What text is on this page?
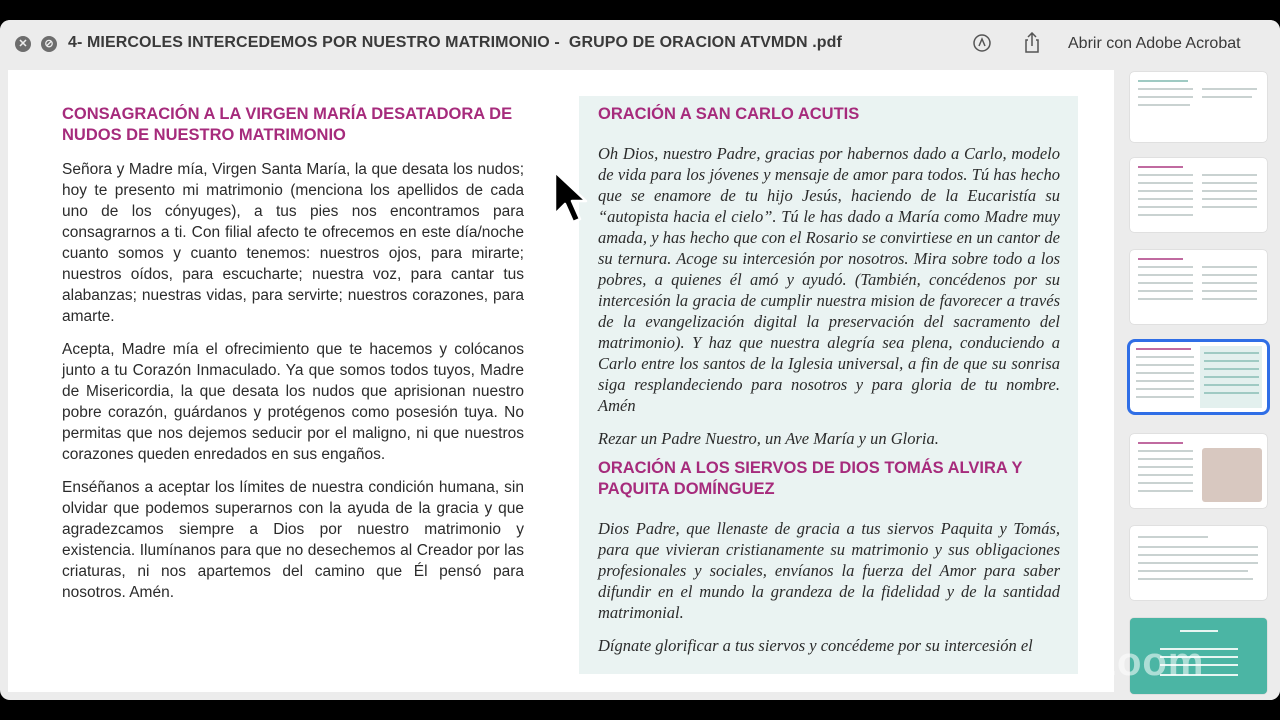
✕	⊘ 4- MIERCOLES INTERCEDEMOS POR NUESTRO MATRIMONIO -  GRUPO DE ORACION ATVMDN .pdf	Abrir con Adobe Acrobat
CONSAGRACIÓN A LA VIRGEN MARÍA DESATADORA DE NUDOS DE NUESTRO MATRIMONIO
Señora y Madre mía, Virgen Santa María, la que desata los nudos; hoy te presento mi matrimonio (menciona los apellidos de cada uno de los cónyuges), a tus pies nos encontramos para consagrarnos a ti. Con filial afecto te ofrecemos en este día/noche cuanto somos y cuanto tenemos: nuestros ojos, para mirarte; nuestros oídos, para escucharte; nuestra voz, para cantar tus alabanzas; nuestras vidas, para servirte; nuestros corazones, para amarte.
Acepta, Madre mía el ofrecimiento que te hacemos y colócanos junto a tu Corazón Inmaculado. Ya que somos todos tuyos, Madre de Misericordia, la que desata los nudos que aprisionan nuestro pobre corazón, guárdanos y protégenos como posesión tuya. No permitas que nos dejemos seducir por el maligno, ni que nuestros corazones queden enredados en sus engaños.
Enséñanos a aceptar los límites de nuestra condición humana, sin olvidar que podemos superarnos con la ayuda de la gracia y que agradezcamos siempre a Dios por nuestro matrimonio y existencia. Ilumínanos para que no desechemos al Creador por las criaturas, ni nos apartemos del camino que Él pensó para nosotros. Amén.
ORACIÓN A SAN CARLO ACUTIS
Oh Dios, nuestro Padre, gracias por habernos dado a Carlo, modelo de vida para los jóvenes y mensaje de amor para todos. Tú has hecho que se enamore de tu hijo Jesús, haciendo de la Eucaristía su “autopista hacia el cielo”. Tú le has dado a María como Madre muy amada, y has hecho que con el Rosario se convirtiese en un cantor de su ternura. Acoge su intercesión por nosotros. Mira sobre todo a los pobres, a quienes él amó y ayudó. (También, concédenos por su intercesión la gracia de cumplir nuestra mision de favorecer a través de la evangelización digital la preservación del sacramento del matrimonio). Y haz que nuestra alegría sea plena, conduciendo a Carlo entre los santos de la Iglesia universal, a fin de que su sonrisa siga resplandeciendo para nosotros y para gloria de tu nombre. Amén
Rezar un Padre Nuestro, un Ave María y un Gloria.
ORACIÓN A LOS SIERVOS DE DIOS TOMÁS ALVIRA Y PAQUITA DOMÍNGUEZ
Dios Padre, que llenaste de gracia a tus siervos Paquita y Tomás, para que vivieran cristianamente su matrimonio y sus obligaciones profesionales y sociales, envíanos la fuerza del Amor para saber difundir en el mundo la grandeza de la fidelidad y de la santidad matrimonial.
Dígnate glorificar a tus siervos y concédeme por su intercesión el	zoom
